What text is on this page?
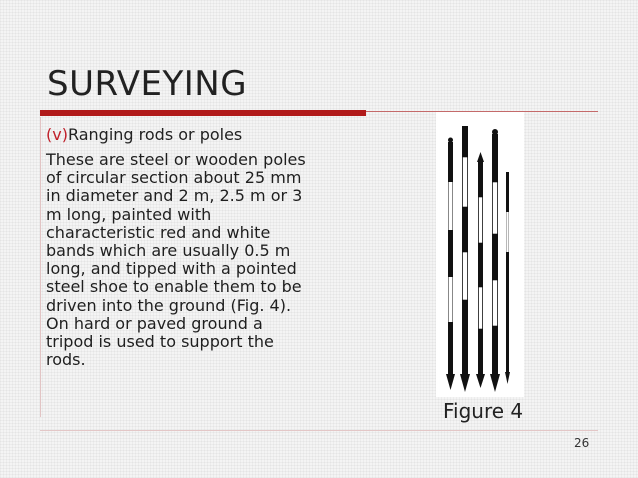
SURVEYING
(v)Ranging rods or poles

These are steel or wooden poles of circular section about 25 mm in diameter and 2 m, 2.5 m or 3 m long, painted with characteristic red and white bands which are usually 0.5 m long, and tipped with a pointed steel shoe to enable them to be driven into the ground (Fig. 4). On hard or paved ground a tripod is used to support the rods.

Figure 4
26
